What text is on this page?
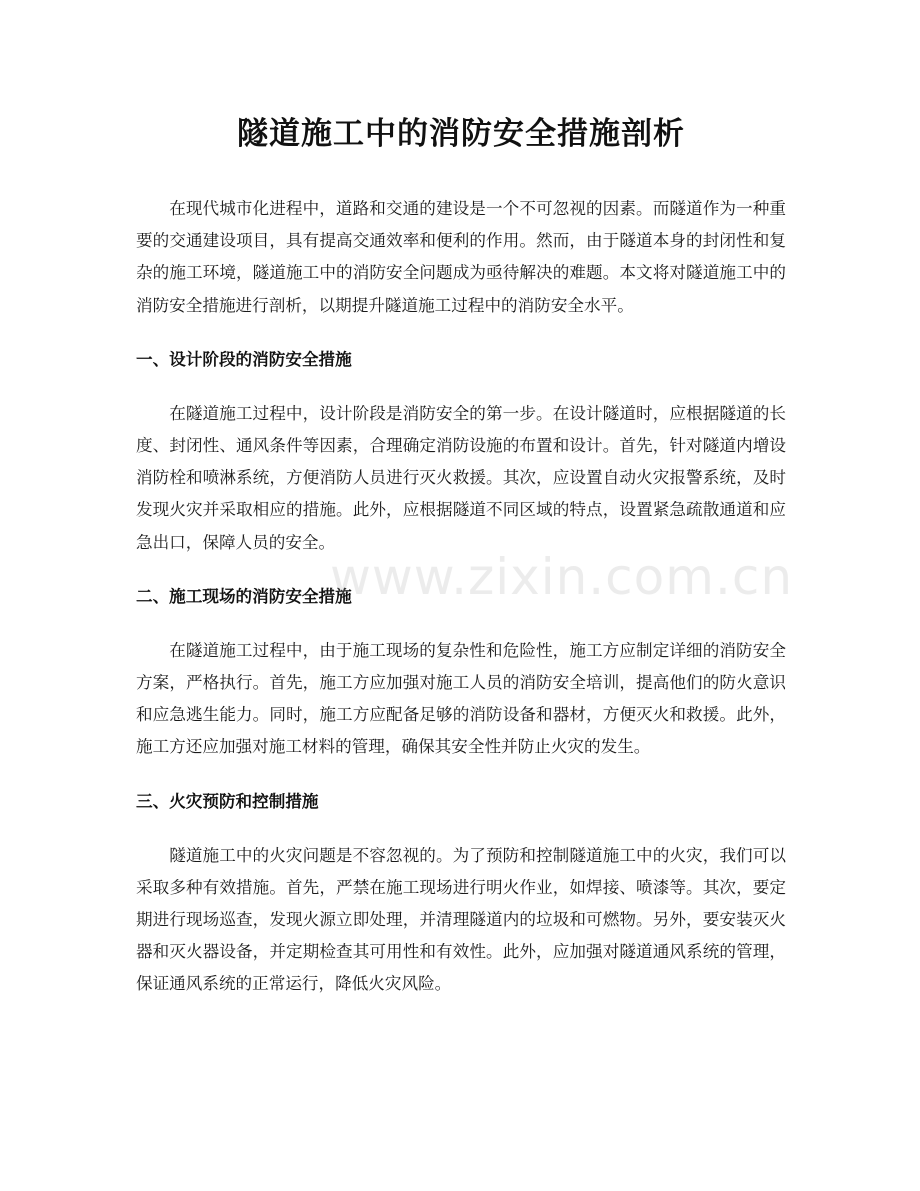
隧道施工中的消防安全措施剖析

在现代城市化进程中，道路和交通的建设是一个不可忽视的因素。而隧道作为一种重要的交通建设项目，具有提高交通效率和便利的作用。然而，由于隧道本身的封闭性和复杂的施工环境，隧道施工中的消防安全问题成为亟待解决的难题。本文将对隧道施工中的消防安全措施进行剖析，以期提升隧道施工过程中的消防安全水平。

一、设计阶段的消防安全措施

在隧道施工过程中，设计阶段是消防安全的第一步。在设计隧道时，应根据隧道的长度、封闭性、通风条件等因素，合理确定消防设施的布置和设计。首先，针对隧道内增设消防栓和喷淋系统，方便消防人员进行灭火救援。其次，应设置自动火灾报警系统，及时发现火灾并采取相应的措施。此外，应根据隧道不同区域的特点，设置紧急疏散通道和应急出口，保障人员的安全。

二、施工现场的消防安全措施

在隧道施工过程中，由于施工现场的复杂性和危险性，施工方应制定详细的消防安全方案，严格执行。首先，施工方应加强对施工人员的消防安全培训，提高他们的防火意识和应急逃生能力。同时，施工方应配备足够的消防设备和器材，方便灭火和救援。此外，施工方还应加强对施工材料的管理，确保其安全性并防止火灾的发生。

三、火灾预防和控制措施

隧道施工中的火灾问题是不容忽视的。为了预防和控制隧道施工中的火灾，我们可以采取多种有效措施。首先，严禁在施工现场进行明火作业，如焊接、喷漆等。其次，要定期进行现场巡查，发现火源立即处理，并清理隧道内的垃圾和可燃物。另外，要安装灭火器和灭火器设备，并定期检查其可用性和有效性。此外，应加强对隧道通风系统的管理，保证通风系统的正常运行，降低火灾风险。

www.zixin.com.cn
